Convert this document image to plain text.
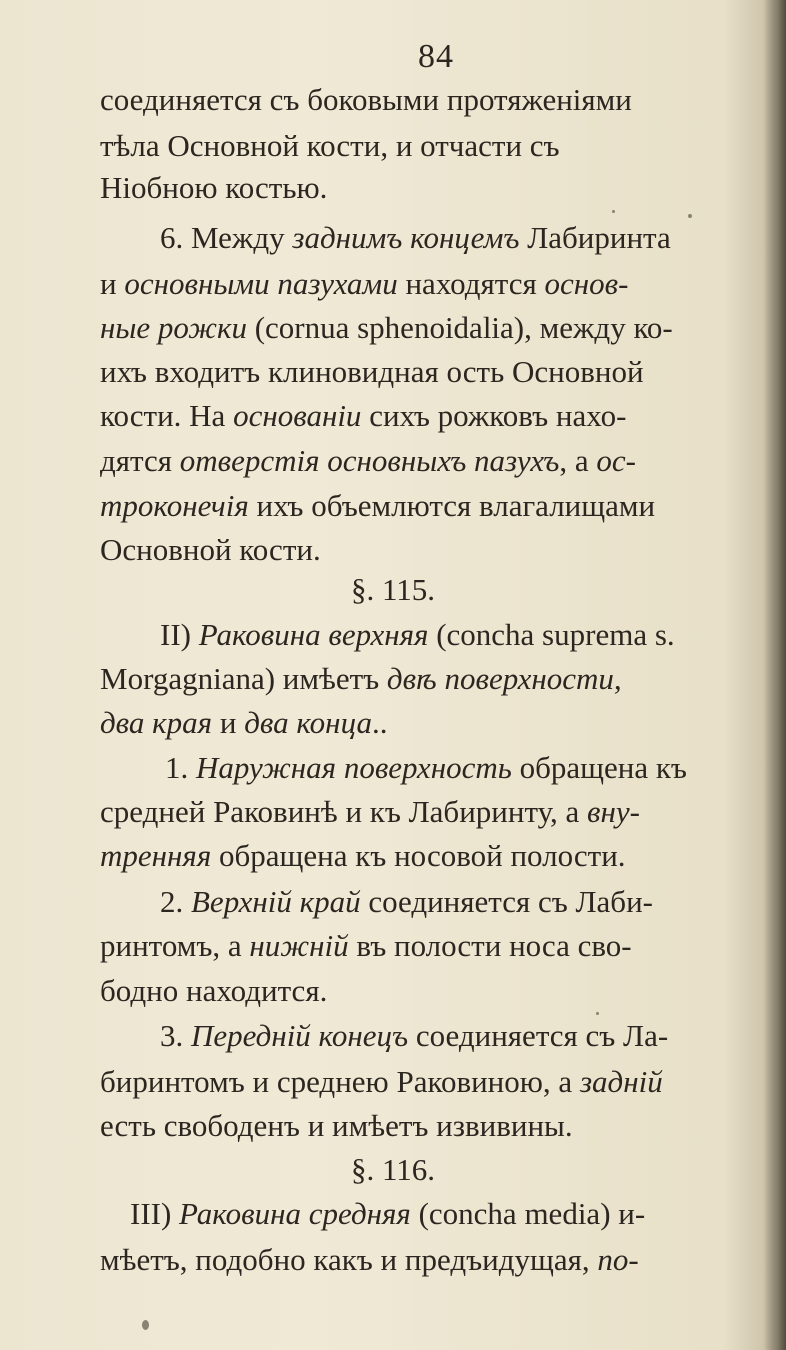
84
соединяется съ боковыми протяженіями
тѣла Основной кости, и отчасти съ
Ніобною костью.
6. Между заднимъ концемъ Лабиринта
и основными пазухами находятся основ-
ные рожки (cornua sphenoidalia), между ко-
ихъ входитъ клиновидная ость Основной
кости. На основаніи сихъ рожковъ нахо-
дятся отверстія основныхъ пазухъ, а ос-
троконечія ихъ объемлются влагалищами
Основной кости.
§. 115.
II) Раковина верхняя (concha suprema s.
Morgagniana) имѣетъ двѣ поверхности,
два края и два конца..
1. Наружная поверхность обращена къ
средней Раковинѣ и къ Лабиринту, а вну-
тренняя обращена къ носовой полости.
2. Верхній край соединяется съ Лаби-
ринтомъ, а нижній въ полости носа сво-
бодно находится.
3. Передній конецъ соединяется съ Ла-
биринтомъ и среднею Раковиною, а задній
есть свободенъ и имѣетъ извивины.
§. 116.
III) Раковина средняя (concha media) и-
мѣетъ, подобно какъ и предъидущая, по-
